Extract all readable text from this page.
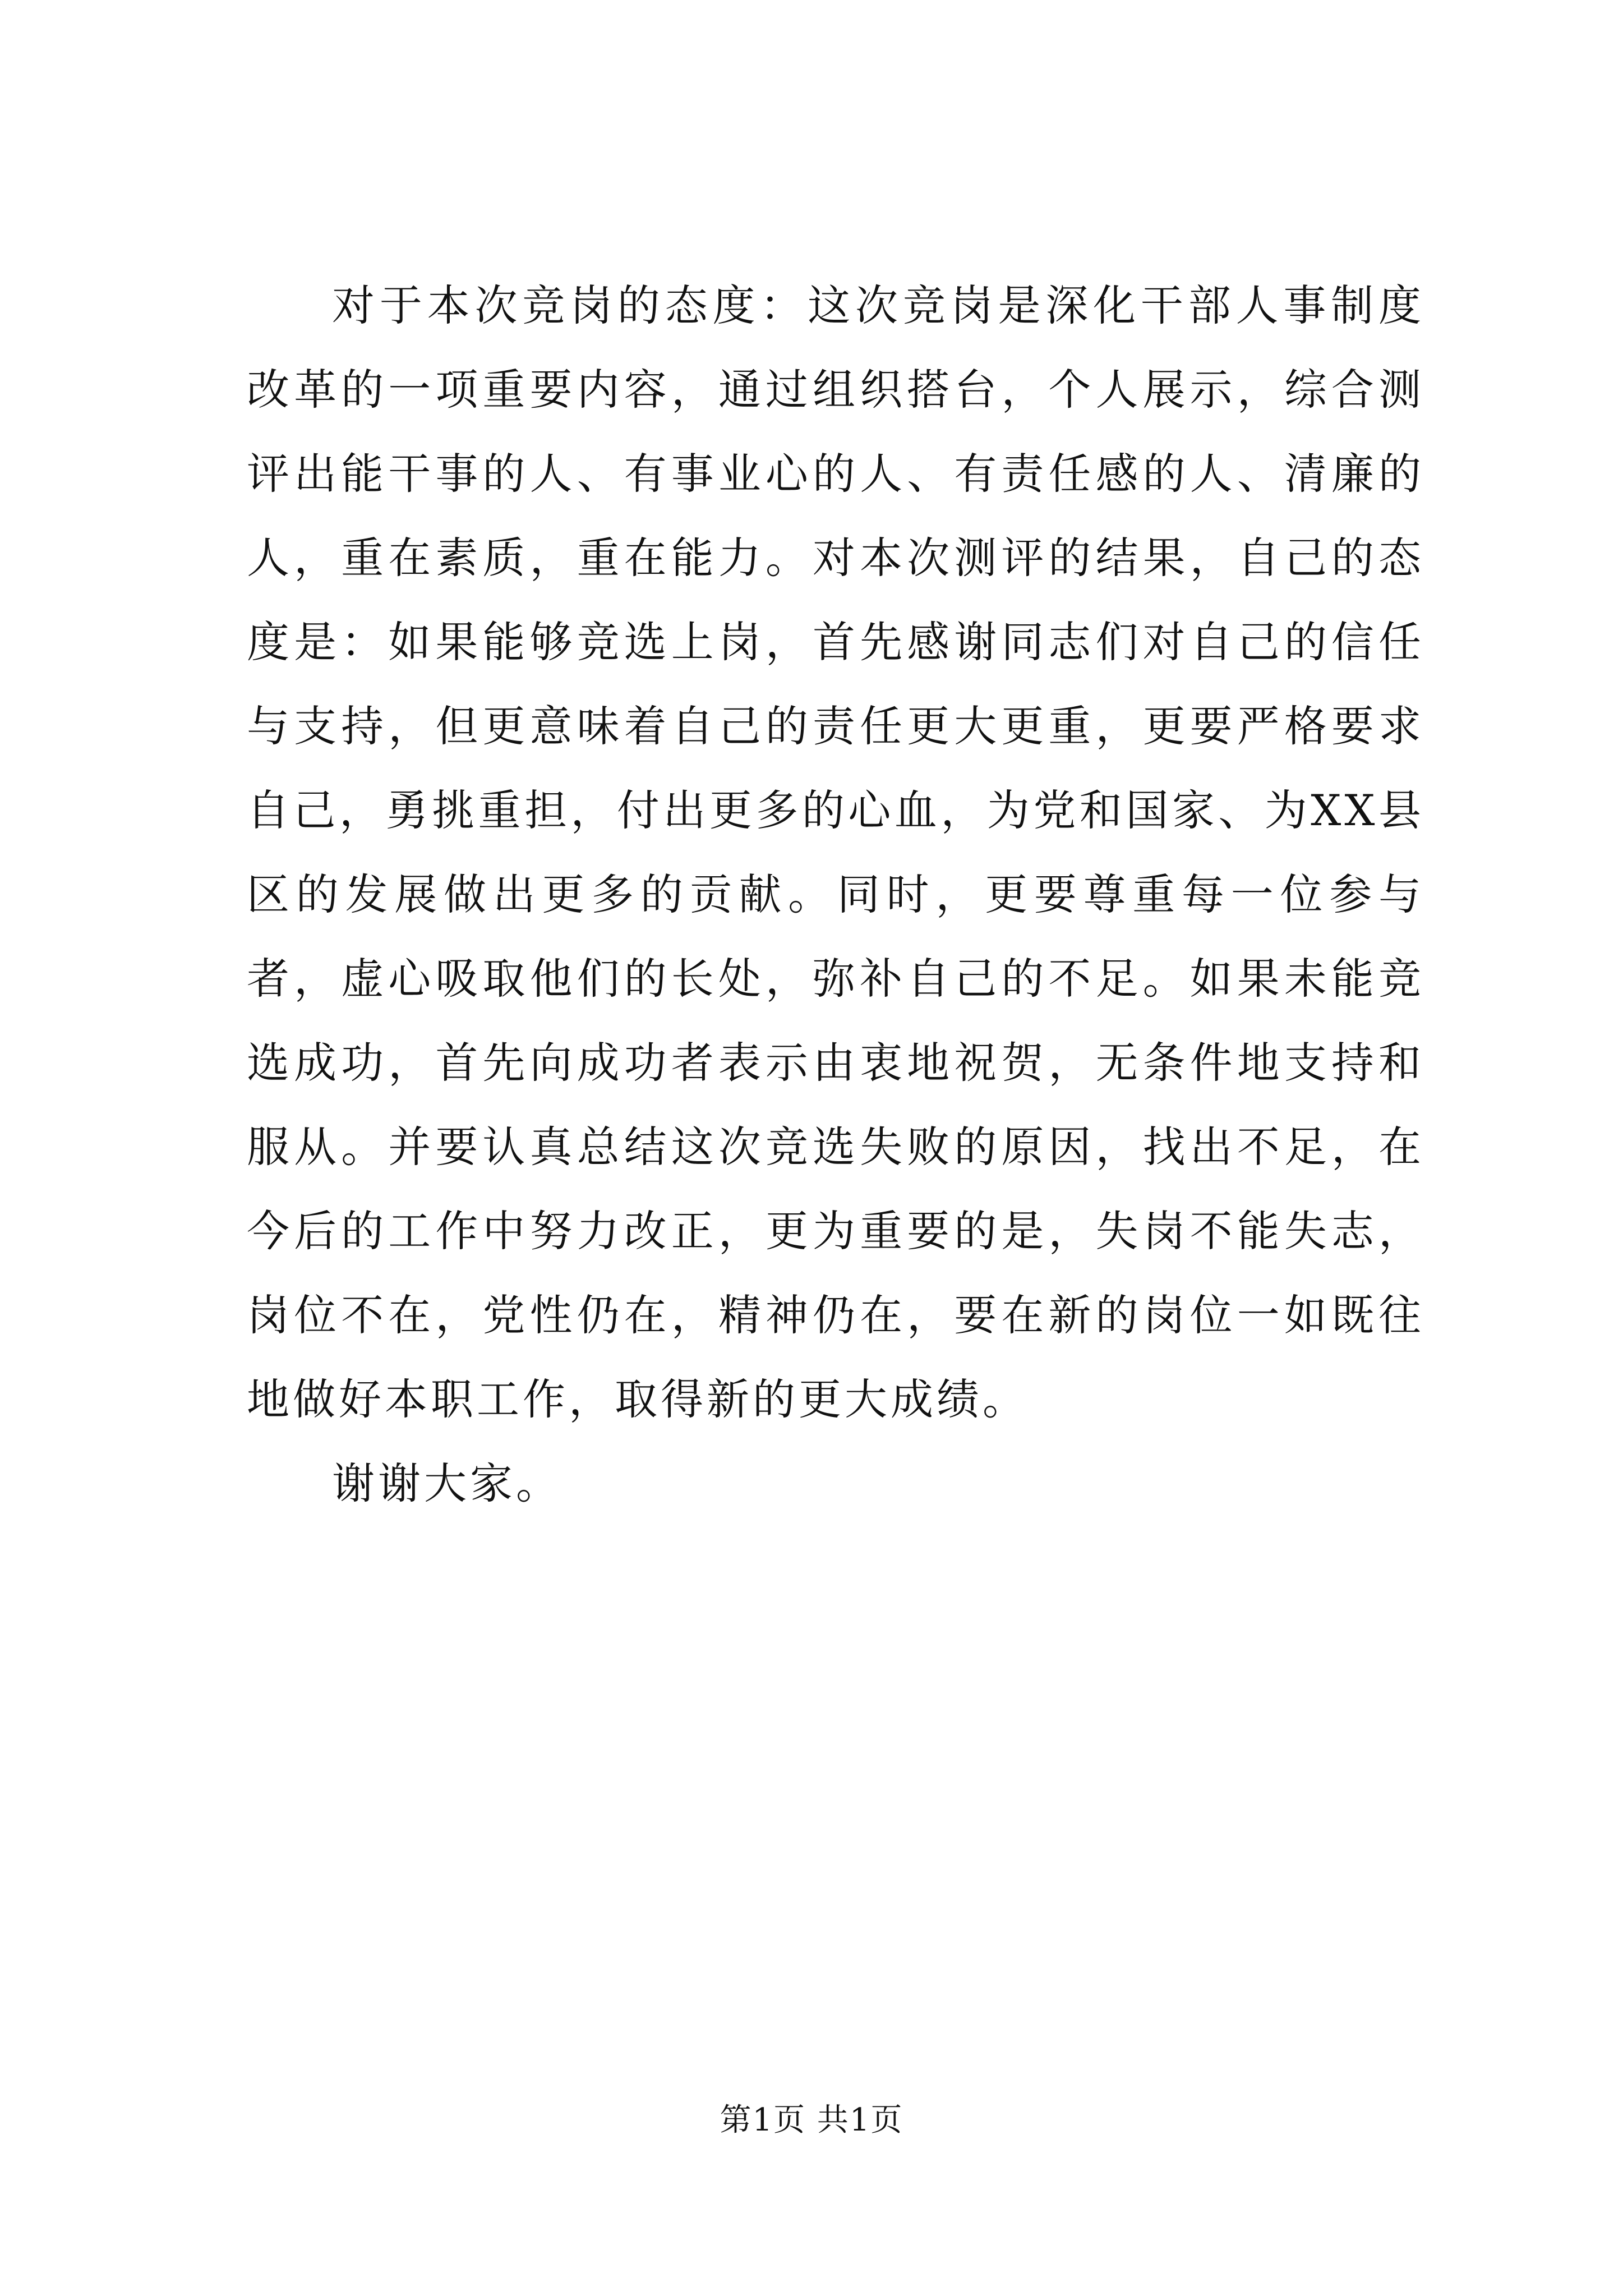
对于本次竞岗的态度：这次竞岗是深化干部人事制度改革的一项重要内容，通过组织搭台，个人展示，综合测评出能干事的人、有事业心的人、有责任感的人、清廉的人，重在素质，重在能力。对本次测评的结果，自己的态度是：如果能够竞选上岗，首先感谢同志们对自己的信任与支持，但更意味着自己的责任更大更重，更要严格要求自己，勇挑重担，付出更多的心血，为党和国家、为XX县区的发展做出更多的贡献。同时，更要尊重每一位参与者，虚心吸取他们的长处，弥补自己的不足。如果未能竞选成功，首先向成功者表示由衷地祝贺，无条件地支持和服从。并要认真总结这次竞选失败的原因，找出不足，在今后的工作中努力改正，更为重要的是，失岗不能失志，岗位不在，党性仍在，精神仍在，要在新的岗位一如既往地做好本职工作，取得新的更大成绩。

谢谢大家。

第1页 共1页
